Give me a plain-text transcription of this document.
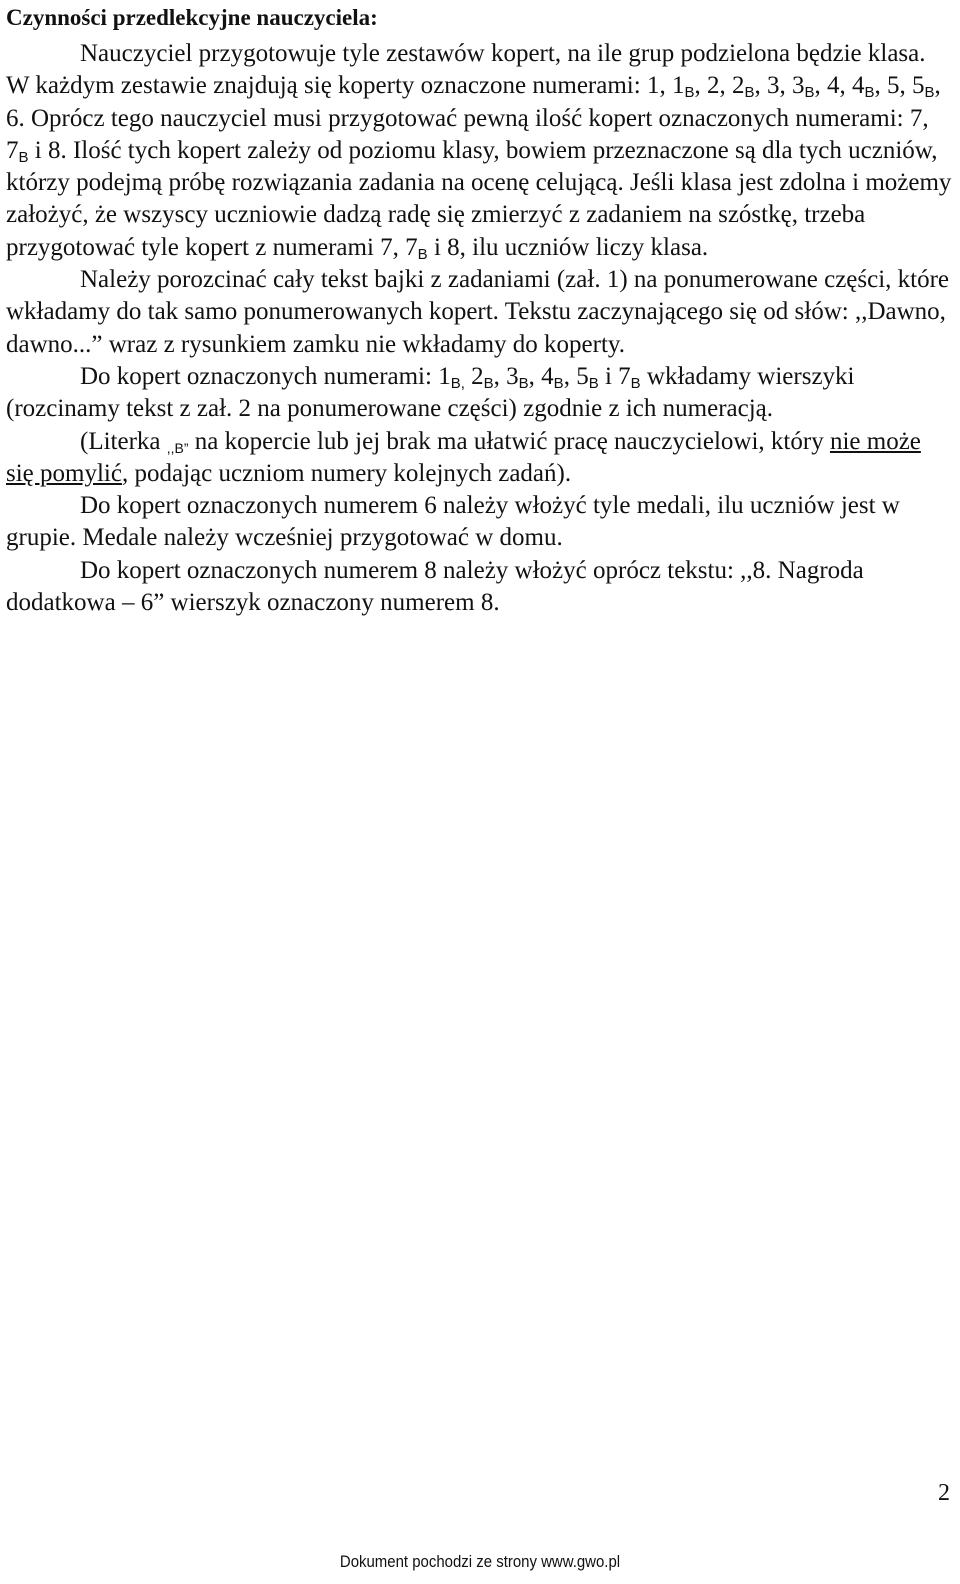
Czynności przedlekcyjne nauczyciela:

Nauczyciel przygotowuje tyle zestawów kopert, na ile grup podzielona będzie klasa. W każdym zestawie znajdują się koperty oznaczone numerami: 1, $1_B$, 2, $2_B$, 3, $3_B$, 4, $4_B$, 5, $5_B$, 6. Oprócz tego nauczyciel musi przygotować pewną ilość kopert oznaczonych numerami: 7, $7_B$ i 8. Ilość tych kopert zależy od poziomu klasy, bowiem przeznaczone są dla tych uczniów, którzy podejmą próbę rozwiązania zadania na ocenę celującą. Jeśli klasa jest zdolna i możemy założyć, że wszyscy uczniowie dadzą radę się zmierzyć z zadaniem na szóstkę, trzeba przygotować tyle kopert z numerami 7, $7_B$ i 8, ilu uczniów liczy klasa.

Należy porozcinać cały tekst bajki z zadaniami (zał. 1) na ponumerowane części, które wkładamy do tak samo ponumerowanych kopert. Tekstu zaczynającego się od słów: ,,Dawno, dawno...” wraz z rysunkiem zamku nie wkładamy do koperty.

Do kopert oznaczonych numerami: $1_{B,}$ $2_B$, $3_B$, $4_B$, $5_B$ i $7_B$ wkładamy wierszyki (rozcinamy tekst z zał. 2 na ponumerowane części) zgodnie z ich numeracją.

(Literka $_{,,B”}$ na kopercie lub jej brak ma ułatwić pracę nauczycielowi, który nie może się pomylić, podając uczniom numery kolejnych zadań).

Do kopert oznaczonych numerem 6 należy włożyć tyle medali, ilu uczniów jest w grupie. Medale należy wcześniej przygotować w domu.

Do kopert oznaczonych numerem 8 należy włożyć oprócz tekstu: ,,8. Nagroda dodatkowa – 6” wierszyk oznaczony numerem 8.

2
Dokument pochodzi ze strony www.gwo.pl
